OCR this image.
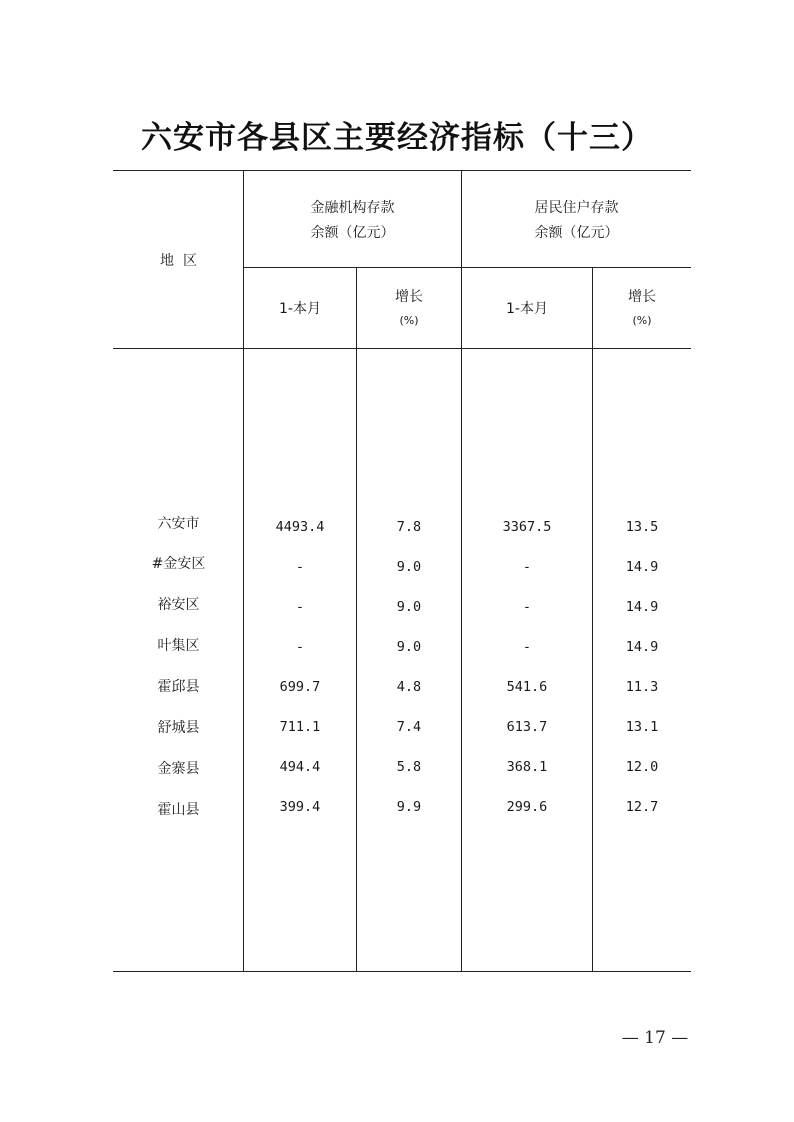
六安市各县区主要经济指标（十三）
地  区
金融机构存款
余额（亿元）
居民住户存款
余额（亿元）
1-本月
增长
(%)
1-本月
增长
(%)
六安市	4493.4	7.8	3367.5	13.5
#金安区	-	9.0	-	14.9
裕安区	-	9.0	-	14.9
叶集区	-	9.0	-	14.9
霍邱县	699.7	4.8	541.6	11.3
舒城县	711.1	7.4	613.7	13.1
金寨县	494.4	5.8	368.1	12.0
霍山县	399.4	9.9	299.6	12.7
— 17 —
